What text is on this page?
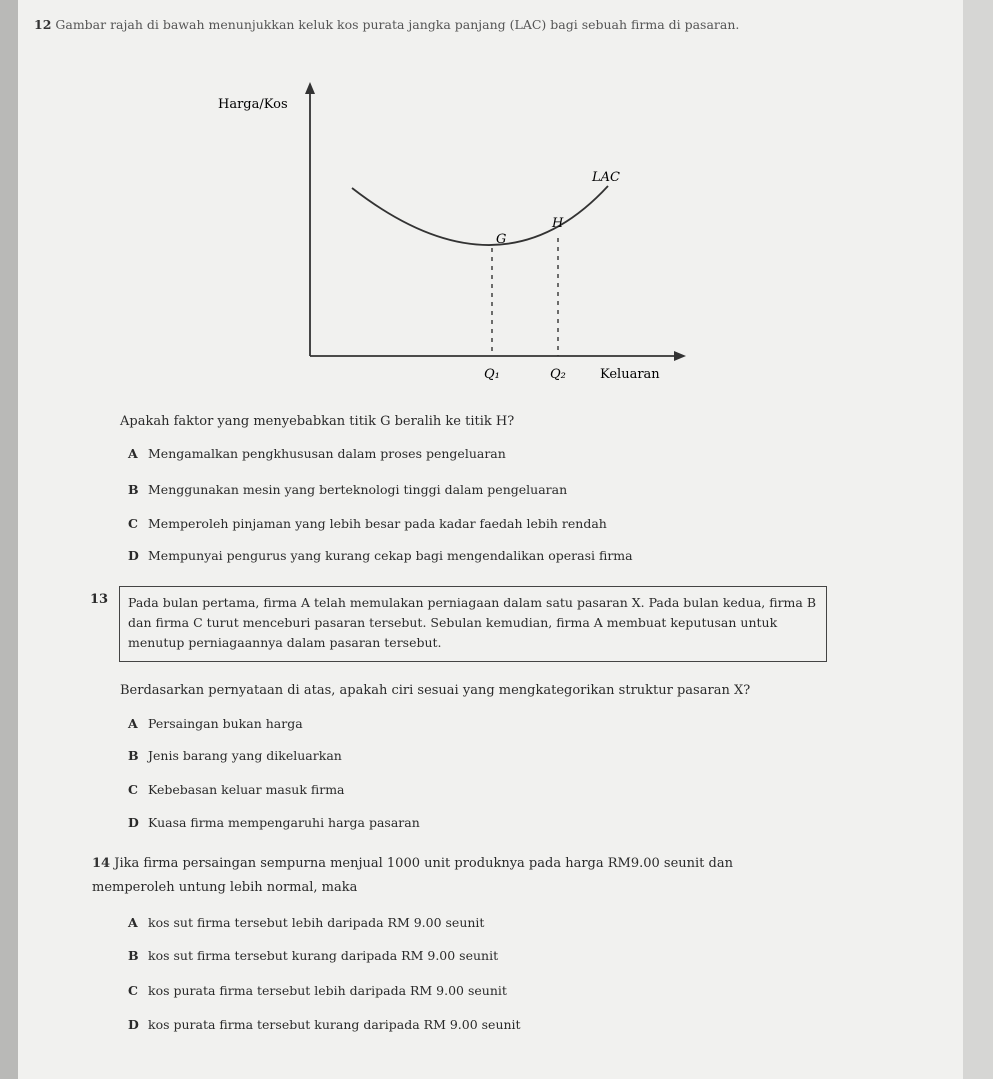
12 Gambar rajah di bawah menunjukkan keluk kos purata jangka panjang (LAC) bagi sebuah firma di pasaran.
Harga/Kos
LAC
G
H
Q₁	Q₂	Keluaran
Apakah faktor yang menyebabkan titik G beralih ke titik H?
A Mengamalkan pengkhususan dalam proses pengeluaran
B Menggunakan mesin yang berteknologi tinggi dalam pengeluaran
C Memperoleh pinjaman yang lebih besar pada kadar faedah lebih rendah
D Mempunyai pengurus yang kurang cekap bagi mengendalikan operasi firma
13	Pada bulan pertama, firma A telah memulakan perniagaan dalam satu pasaran X. Pada bulan kedua, firma B dan firma C turut menceburi pasaran tersebut. Sebulan kemudian, firma A membuat keputusan untuk menutup perniagaannya dalam pasaran tersebut.
Berdasarkan pernyataan di atas, apakah ciri sesuai yang mengkategorikan struktur pasaran X?
A Persaingan bukan harga
B Jenis barang yang dikeluarkan
C Kebebasan keluar masuk firma
D Kuasa firma mempengaruhi harga pasaran
14 Jika firma persaingan sempurna menjual 1000 unit produknya pada harga RM9.00 seunit dan
memperoleh untung lebih normal, maka
A kos sut firma tersebut lebih daripada RM 9.00 seunit
B kos sut firma tersebut kurang daripada RM 9.00 seunit
C kos purata firma tersebut lebih daripada RM 9.00 seunit
D kos purata firma tersebut kurang daripada RM 9.00 seunit
